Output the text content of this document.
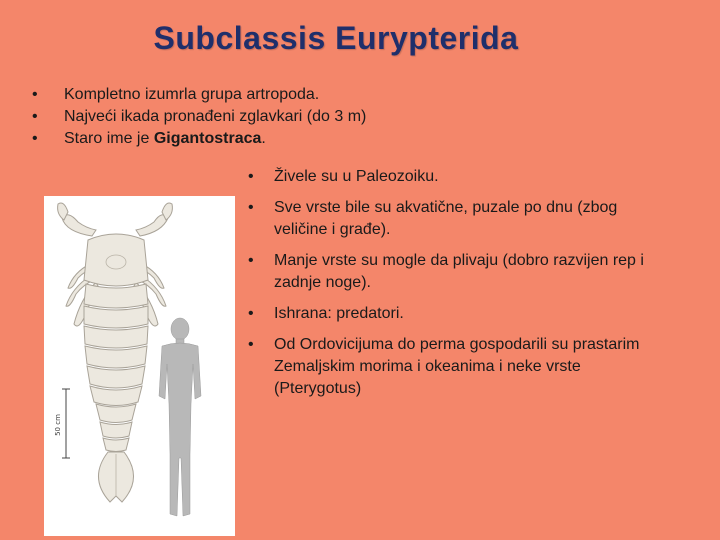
Subclassis Eurypterida
• Kompletno izumrla grupa artropoda.
• Najveći ikada pronađeni zglavkari (do 3 m)
• Staro ime je Gigantostraca.
50 cm
• Živele su u Paleozoiku.
• Sve vrste bile su akvatične, puzale po dnu (zbog veličine i građe).
• Manje vrste su mogle da plivaju (dobro razvijen rep i zadnje noge).
• Ishrana: predatori.
• Od Ordovicijuma do perma gospodarili su prastarim Zemaljskim morima i okeanima i neke vrste (Pterygotus)
